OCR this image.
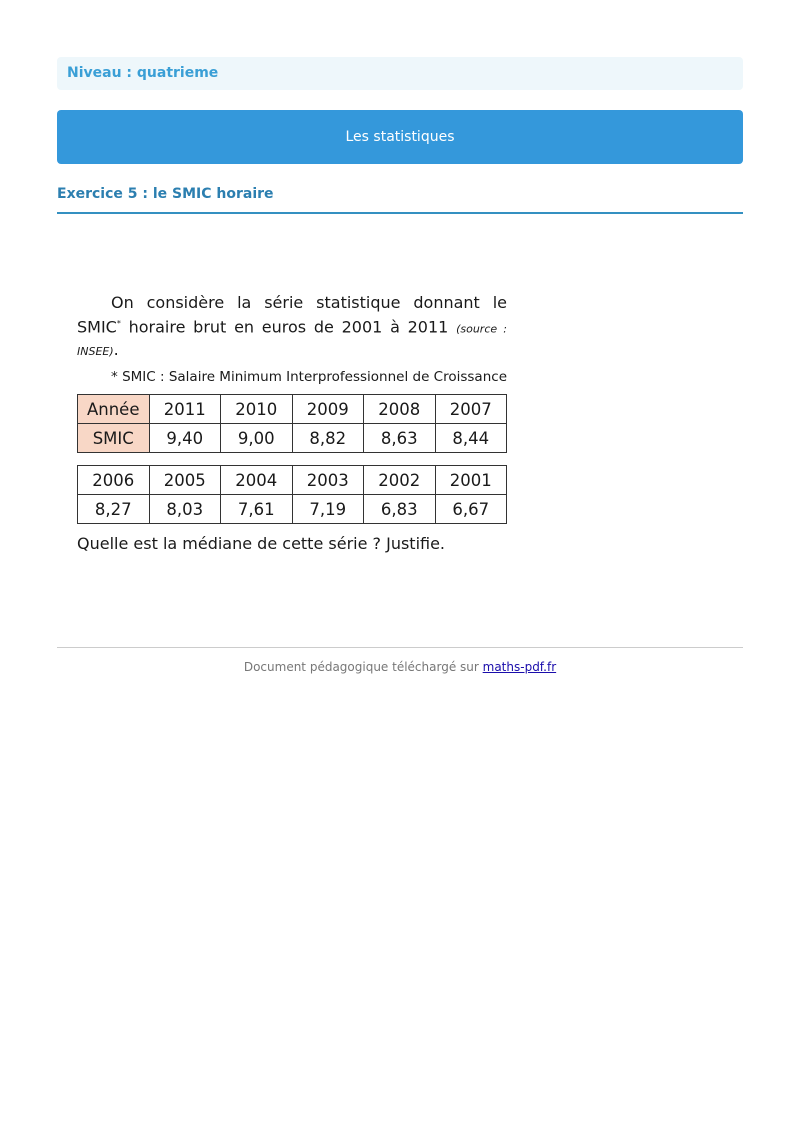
Niveau : quatrieme
Les statistiques
Exercice 5 : le SMIC horaire

On considère la série statistique donnant le SMIC* horaire brut en euros de 2001 à 2011 (source : INSEE).

* SMIC : Salaire Minimum Interprofessionnel de Croissance
Année	2011	2010	2009	2008	2007
SMIC	9,40	9,00	8,82	8,63	8,44
2006	2005	2004	2003	2002	2001
8,27	8,03	7,61	7,19	6,83	6,67
Quelle est la médiane de cette série ? Justifie.
Document pédagogique téléchargé sur maths-pdf.fr
